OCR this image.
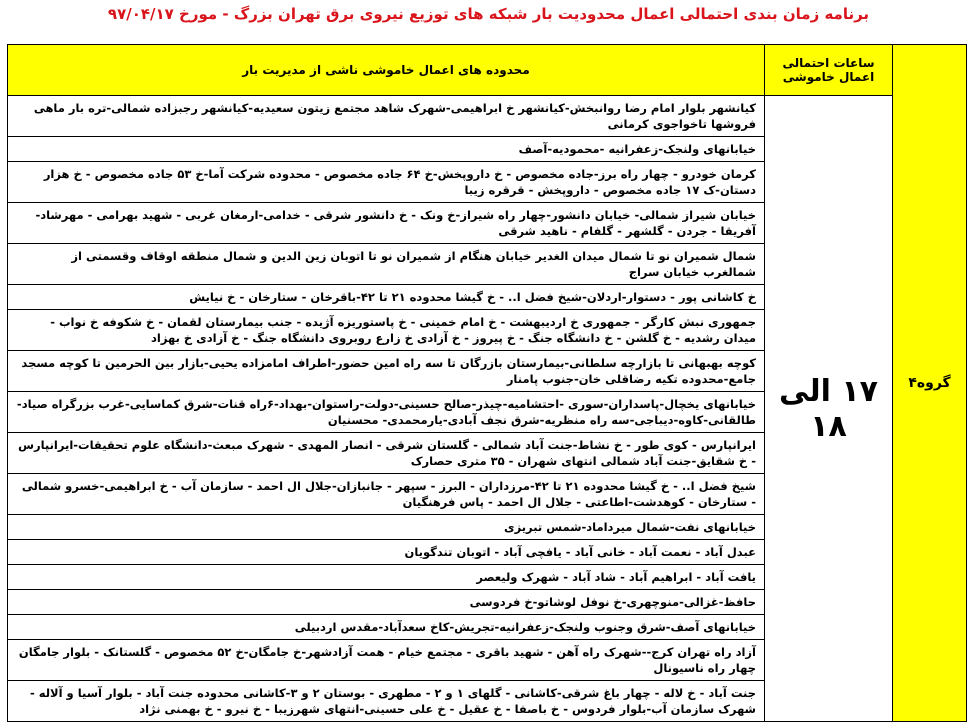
برنامه زمان بندی احتمالی اعمال محدودیت بار شبکه های توزیع نیروی برق تهران بزرگ - مورخ ۹۷/۰۴/۱۷
گروه۴	ساعات احتمالی اعمال خاموشی	محدوده های اعمال خاموشی ناشی از مدیریت بار
	۱۷ الی ۱۸	کیانشهر بلوار امام رضا روانبخش-کیانشهر خ ابراهیمی-شهرک شاهد مجتمع زیتون سعیدیه-کیانشهر رجبزاده شمالی-تره بار ماهی فروشها تاخواجوی کرمانی
		خیابانهای ولنجک-زعفرانیه -محمودیه-آصف
		کرمان خودرو - چهار راه برز-جاده مخصوص - خ داروپخش-خ ۶۴ جاده مخصوص - محدوده شرکت آما-خ ۵۳ جاده مخصوص - خ هزار دستان-ک ۱۷ جاده مخصوص - داروپخش - قرقره زیبا
		خیابان شیراز شمالی- خیابان دانشور-چهار راه شیراز-خ ونک - خ دانشور شرقی - خدامی-ارمغان غربی - شهید بهرامی - مهرشاد-آفریقا - جردن - گلشهر - گلفام - ناهید شرقی
		شمال شمیران نو تا شمال میدان الغدیر خیابان هنگام از شمیران نو تا اتوبان زین الدین و شمال منطقه اوقاف وقسمتی از شمالغرب خیابان سراج
		خ کاشانی پور - دستوار-اردلان-شیخ فضل ا.. - خ گیشا محدوده ۲۱ تا ۴۲-باقرخان - ستارخان - خ نیایش
		جمهوری نبش کارگر - جمهوری خ اردیبهشت - خ امام خمینی - خ پاستوریزه آژیده - جنب بیمارستان لقمان - خ شکوفه خ نواب - میدان رشدیه - خ گلشن - خ دانشگاه جنگ - خ پیروز - خ آزادی خ زارع روبروی دانشگاه جنگ - خ آزادی خ بهزاد
		کوچه بهبهانی تا بازارچه سلطانی-بیمارستان بازرگان تا سه راه امین حضور-اطراف امامزاده یحیی-بازار بین الحرمین تا کوچه مسجد جامع-محدوده تکیه رضاقلی خان-جنوب پامنار
		خیابانهای یخچال-پاسداران-سوری -احتشامیه-چیذر-صالح حسینی-دولت-راستوان-بهداد-۶راه قنات-شرق کماسایی-غرب بزرگراه صیاد-طالقانی-کاوه-دیباجی-سه راه منظریه-شرق نجف آبادی-یارمحمدی- محسنیان
		ایرانپارس - کوی طور - خ نشاط-جنت آباد شمالی - گلستان شرقی - انصار المهدی - شهرک مبعث-دانشگاه علوم تحقیقات-ایرانپارس - خ شقایق-جنت آباد شمالی انتهای شهران - ۳۵ متری حصارک
		شیخ فضل ا.. - خ گیشا محدوده ۲۱ تا ۴۲-مرزداران - البرز - سپهر - جانبازان-جلال ال احمد - سازمان آب - خ ابراهیمی-خسرو شمالی - ستارخان - کوهدشت-اطاعتی - جلال ال احمد - پاس فرهنگیان
		خیابانهای نفت-شمال میرداماد-شمس تبریزی
		عبدل آباد - نعمت آباد - خانی آباد - یافچی آباد - اتوبان تندگویان
		یافت آباد - ابراهیم آباد - شاد آباد - شهرک ولیعصر
		حافظ-غزالی-منوچهری-خ نوفل لوشاتو-خ فردوسی
		خیابانهای آصف-شرق وجنوب ولنجک-زعفرانیه-تجریش-کاخ سعدآباد-مقدس اردبیلی
		آزاد راه تهران کرج--شهرک راه آهن - شهید باقری - مجتمع خیام - همت آزادشهر-خ جامگان-خ ۵۲ مخصوص - گلستانک - بلوار جامگان چهار راه ناسیونال
		جنت آباد - خ لاله - چهار باغ شرقی-کاشانی - گلهای ۱ و ۲ - مطهری - بوستان ۲ و ۳-کاشانی محدوده جنت آباد - بلوار آسیا و آلاله - شهرک سازمان آب-بلوار فردوس - خ باصفا - خ عقیل - خ علی حسینی-انتهای شهرزیبا - خ نیرو - خ بهمنی نژاد
